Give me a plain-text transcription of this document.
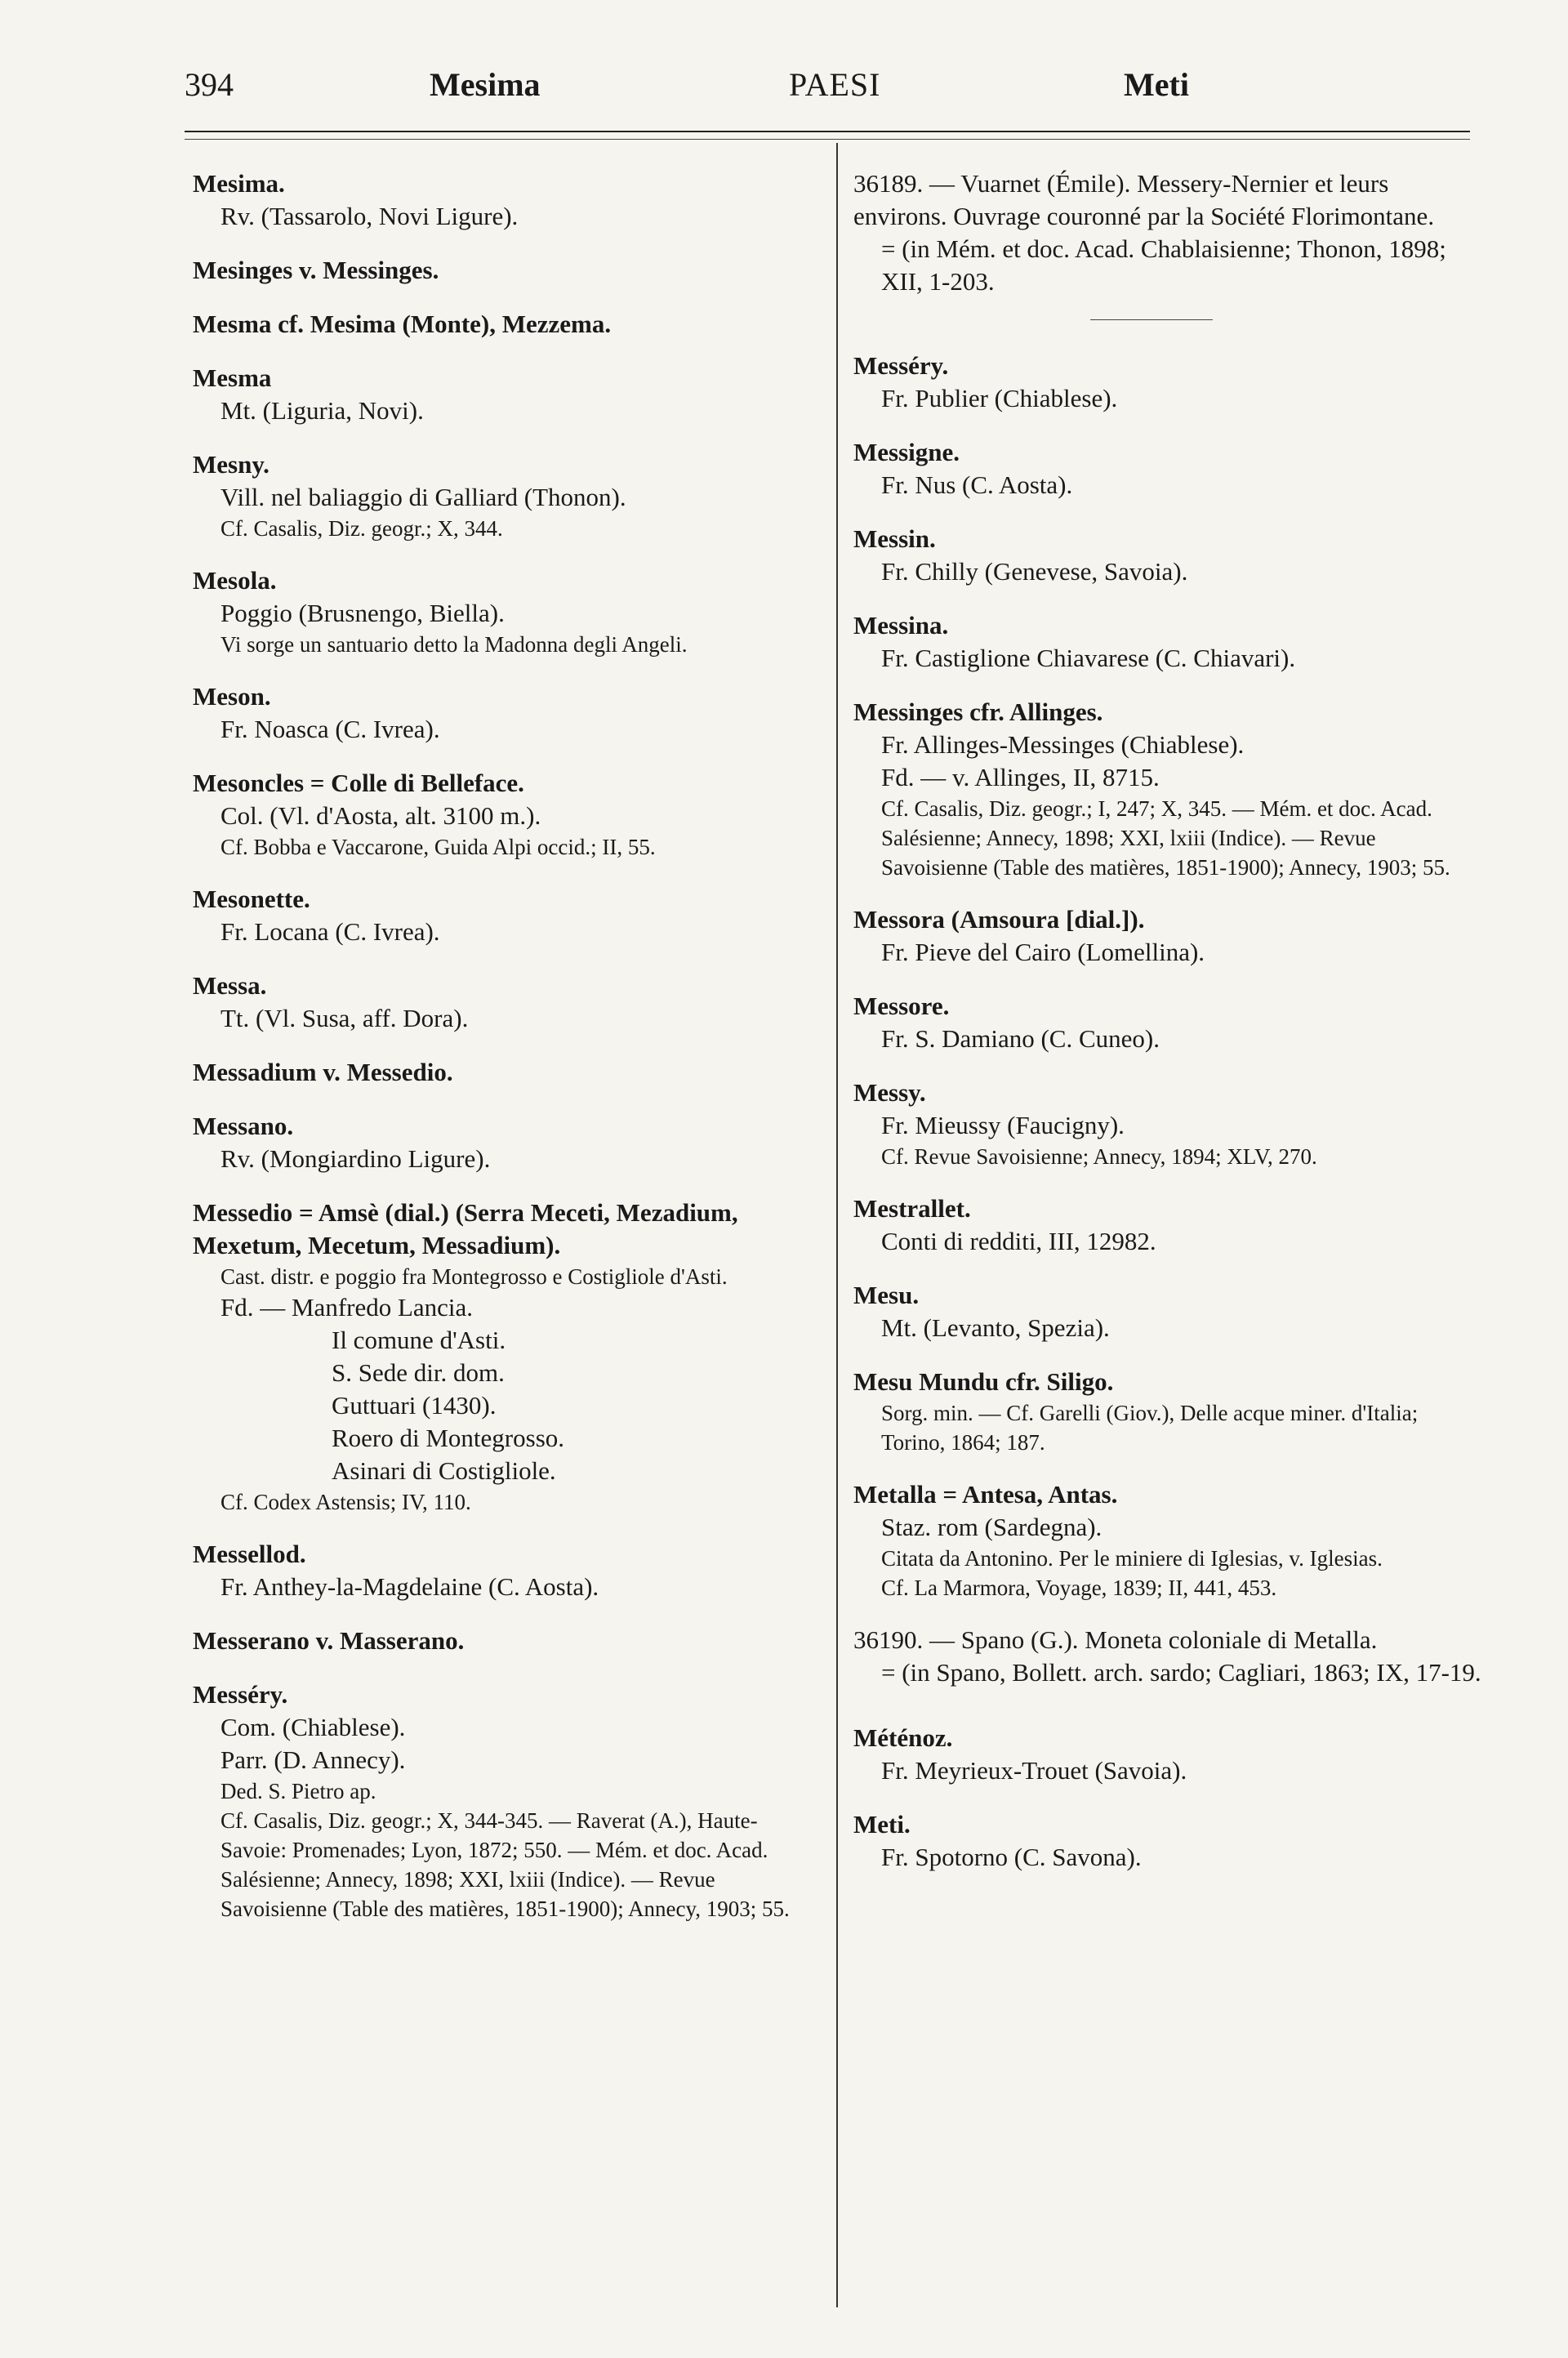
394	Mesima	PAESI	Meti
Mesima.
Rv. (Tassarolo, Novi Ligure).
Mesinges v. Messinges.
Mesma cf. Mesima (Monte), Mezzema.
Mesma
Mt. (Liguria, Novi).
Mesny.
Vill. nel baliaggio di Galliard (Thonon).
Cf. Casalis, Diz. geogr.; X, 344.
Mesola.
Poggio (Brusnengo, Biella).
Vi sorge un santuario detto la Madonna degli Angeli.
Meson.
Fr. Noasca (C. Ivrea).
Mesoncles = Colle di Belleface.
Col. (Vl. d'Aosta, alt. 3100 m.).
Cf. Bobba e Vaccarone, Guida Alpi occid.; II, 55.
Mesonette.
Fr. Locana (C. Ivrea).
Messa.
Tt. (Vl. Susa, aff. Dora).
Messadium v. Messedio.
Messano.
Rv. (Mongiardino Ligure).
Messedio = Amsè (dial.) (Serra Meceti, Mezadium, Mexetum, Mecetum, Messadium).
Cast. distr. e poggio fra Montegrosso e Costigliole d'Asti.
Fd. — Manfredo Lancia.
Il comune d'Asti.
S. Sede dir. dom.
Guttuari (1430).
Roero di Montegrosso.
Asinari di Costigliole.
Cf. Codex Astensis; IV, 110.
Messellod.
Fr. Anthey-la-Magdelaine (C. Aosta).
Messerano v. Masserano.
Messéry.
Com. (Chiablese).
Parr. (D. Annecy).
Ded. S. Pietro ap.
Cf. Casalis, Diz. geogr.; X, 344-345. — Raverat (A.), Haute-Savoie: Promenades; Lyon, 1872; 550. — Mém. et doc. Acad. Salésienne; Annecy, 1898; XXI, lxiii (Indice). — Revue Savoisienne (Table des matières, 1851-1900); Annecy, 1903; 55.
36189. — Vuarnet (Émile). Messery-Nernier et leurs environs. Ouvrage couronné par la Société Florimontane.
= (in Mém. et doc. Acad. Chablaisienne; Thonon, 1898; XII, 1-203.
Messéry.
Fr. Publier (Chiablese).
Messigne.
Fr. Nus (C. Aosta).
Messin.
Fr. Chilly (Genevese, Savoia).
Messina.
Fr. Castiglione Chiavarese (C. Chiavari).
Messinges cfr. Allinges.
Fr. Allinges-Messinges (Chiablese).
Fd. — v. Allinges, II, 8715.
Cf. Casalis, Diz. geogr.; I, 247; X, 345. — Mém. et doc. Acad. Salésienne; Annecy, 1898; XXI, lxiii (Indice). — Revue Savoisienne (Table des matières, 1851-1900); Annecy, 1903; 55.
Messora (Amsoura [dial.]).
Fr. Pieve del Cairo (Lomellina).
Messore.
Fr. S. Damiano (C. Cuneo).
Messy.
Fr. Mieussy (Faucigny).
Cf. Revue Savoisienne; Annecy, 1894; XLV, 270.
Mestrallet.
Conti di redditi, III, 12982.
Mesu.
Mt. (Levanto, Spezia).
Mesu Mundu cfr. Siligo.
Sorg. min. — Cf. Garelli (Giov.), Delle acque miner. d'Italia; Torino, 1864; 187.
Metalla = Antesa, Antas.
Staz. rom (Sardegna).
Citata da Antonino. Per le miniere di Iglesias, v. Iglesias.
Cf. La Marmora, Voyage, 1839; II, 441, 453.
36190. — Spano (G.). Moneta coloniale di Metalla.
= (in Spano, Bollett. arch. sardo; Cagliari, 1863; IX, 17-19.
Méténoz.
Fr. Meyrieux-Trouet (Savoia).
Meti.
Fr. Spotorno (C. Savona).
